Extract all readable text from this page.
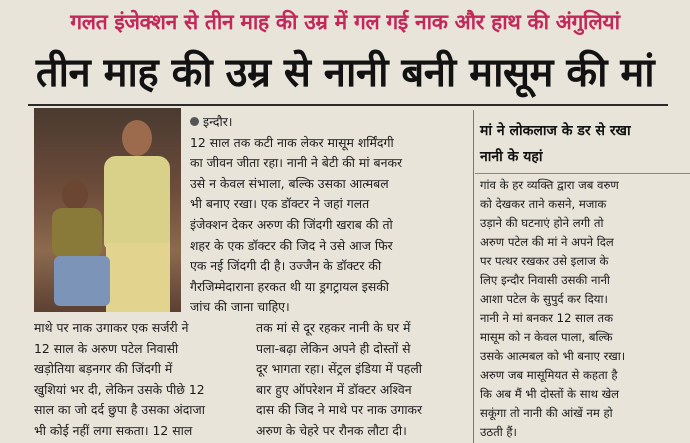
गलत इंजेक्शन से तीन माह की उम्र में गल गई नाक और हाथ की अंगुलियां
तीन माह की उम्र से नानी बनी मासूम की मां
इन्दौर।
12 साल तक कटी नाक लेकर मासूम शर्मिंदगी
का जीवन जीता रहा। नानी ने बेटी की मां बनकर
उसे न केवल संभाला, बल्कि उसका आत्मबल
भी बनाए रखा। एक डॉक्टर ने जहां गलत
इंजेक्शन देकर अरुण की जिंदगी खराब की तो
शहर के एक डॉक्टर की जिद ने उसे आज फिर
एक नई जिंदगी दी है। उज्जैन के डॉक्टर की
गैरजिम्मेदाराना हरकत थी या ड्रगट्रायल इसकी
जांच की जाना चाहिए।
माथे पर नाक उगाकर एक सर्जरी ने
12 साल के अरुण पटेल निवासी
खड़ोतिया बड़नगर की जिंदगी में
खुशियां भर दी, लेकिन उसके पीछे 12
साल का जो दर्द छुपा है उसका अंदाजा
भी कोई नहीं लगा सकता। 12 साल
तक मां से दूर रहकर नानी के घर में
पला-बढ़ा लेकिन अपने ही दोस्तों से
दूर भागता रहा। सेंट्रल इंडिया में पहली
बार हुए ऑपरेशन में डॉक्टर अश्विन
दास की जिद ने माथे पर नाक उगाकर
अरुण के चेहरे पर रौनक लौटा दी।
मां ने लोकलाज के डर से रखा
नानी के यहां
गांव के हर व्यक्ति द्वारा जब वरुण
को देखकर ताने कसने, मजाक
उड़ाने की घटनाएं होने लगी तो
अरुण पटेल की मां ने अपने दिल
पर पत्थर रखकर उसे इलाज के
लिए इन्दौर निवासी उसकी नानी
आशा पटेल के सुपुर्द कर दिया।
नानी ने मां बनकर 12 साल तक
मासूम को न केवल पाला, बल्कि
उसके आत्मबल को भी बनाए रखा।
अरुण जब मासूमियत से कहता है
कि अब मैं भी दोस्तों के साथ खेल
सकूंगा तो नानी की आंखें नम हो
उठती हैं।
